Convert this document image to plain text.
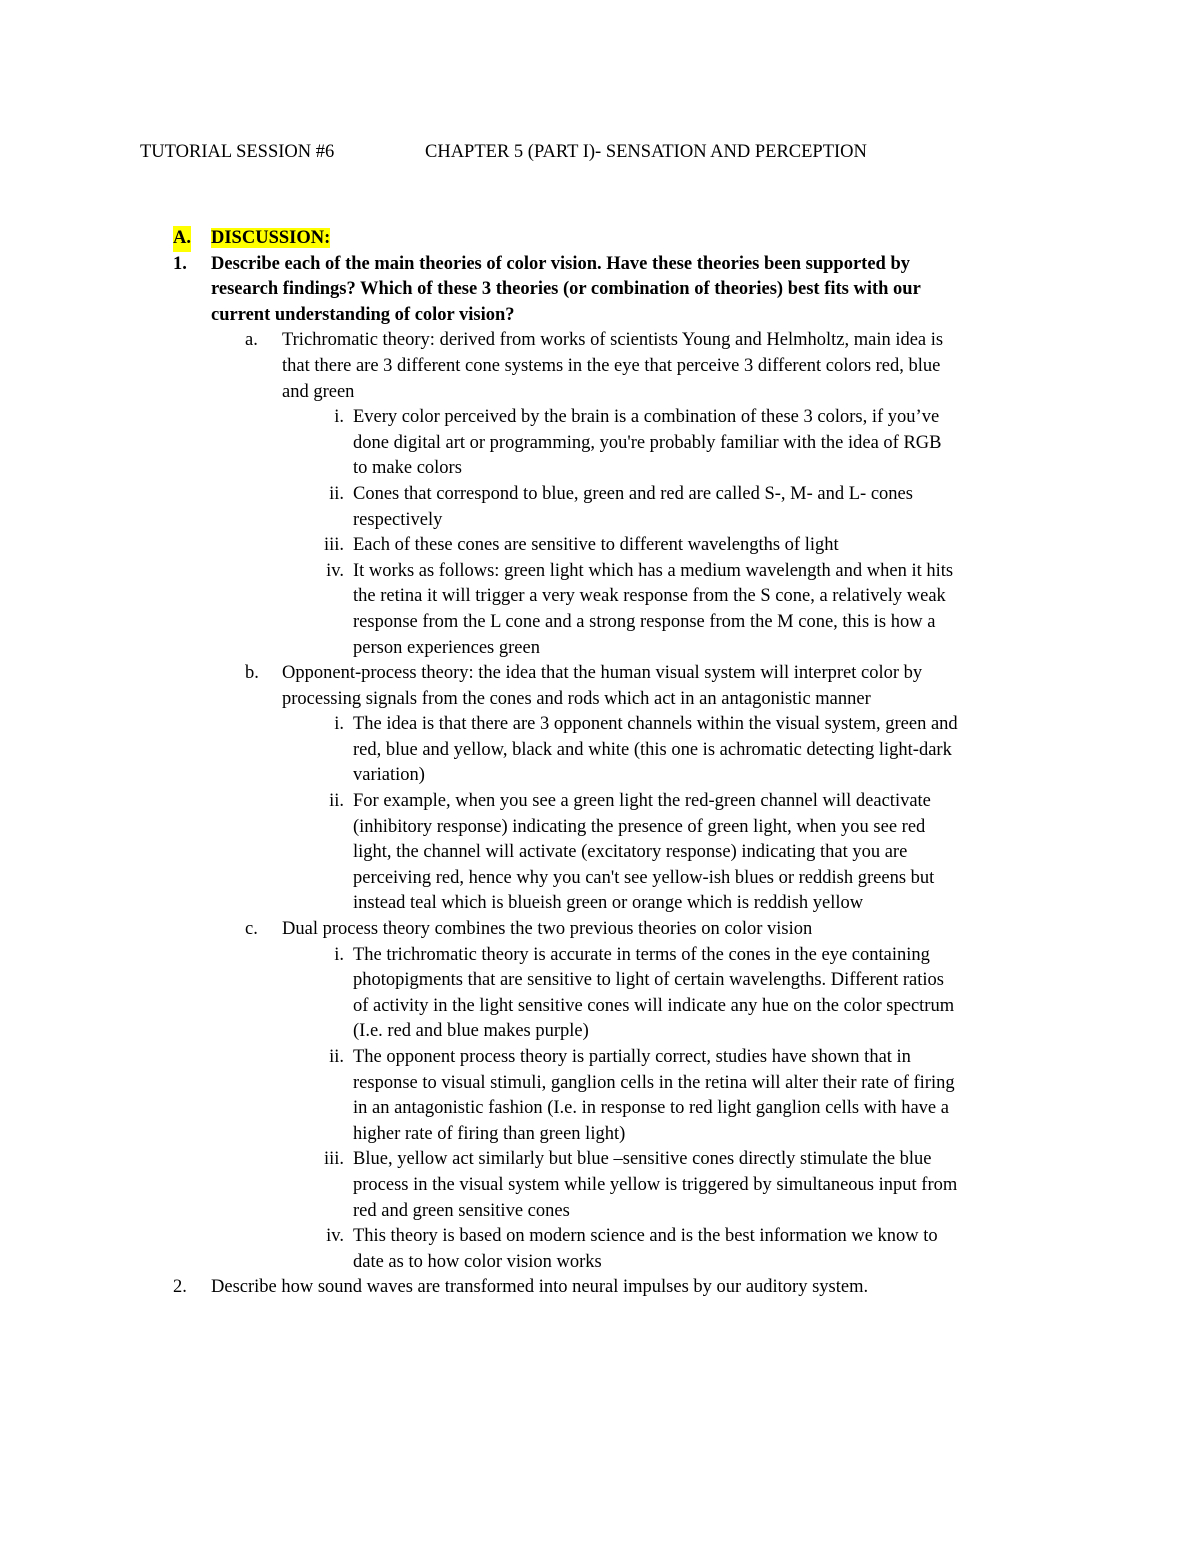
TUTORIAL SESSION #6	CHAPTER 5 (PART I)- SENSATION AND PERCEPTION
A. DISCUSSION:
1. Describe each of the main theories of color vision. Have these theories been supported by
research findings? Which of these 3 theories (or combination of theories) best fits with our
current understanding of color vision?
a. Trichromatic theory: derived from works of scientists Young and Helmholtz, main idea is
that there are 3 different cone systems in the eye that perceive 3 different colors red, blue
and green
i. Every color perceived by the brain is a combination of these 3 colors, if you’ve
done digital art or programming, you're probably familiar with the idea of RGB
to make colors
ii. Cones that correspond to blue, green and red are called S-, M- and L- cones
respectively
iii. Each of these cones are sensitive to different wavelengths of light
iv. It works as follows: green light which has a medium wavelength and when it hits
the retina it will trigger a very weak response from the S cone, a relatively weak
response from the L cone and a strong response from the M cone, this is how a
person experiences green
b. Opponent-process theory: the idea that the human visual system will interpret color by
processing signals from the cones and rods which act in an antagonistic manner
i. The idea is that there are 3 opponent channels within the visual system, green and
red, blue and yellow, black and white (this one is achromatic detecting light-dark
variation)
ii. For example, when you see a green light the red-green channel will deactivate
(inhibitory response) indicating the presence of green light, when you see red
light, the channel will activate (excitatory response) indicating that you are
perceiving red, hence why you can't see yellow-ish blues or reddish greens but
instead teal which is blueish green or orange which is reddish yellow
c. Dual process theory combines the two previous theories on color vision
i. The trichromatic theory is accurate in terms of the cones in the eye containing
photopigments that are sensitive to light of certain wavelengths. Different ratios
of activity in the light sensitive cones will indicate any hue on the color spectrum
(I.e. red and blue makes purple)
ii. The opponent process theory is partially correct, studies have shown that in
response to visual stimuli, ganglion cells in the retina will alter their rate of firing
in an antagonistic fashion (I.e. in response to red light ganglion cells with have a
higher rate of firing than green light)
iii. Blue, yellow act similarly but blue –sensitive cones directly stimulate the blue
process in the visual system while yellow is triggered by simultaneous input from
red and green sensitive cones
iv. This theory is based on modern science and is the best information we know to
date as to how color vision works
2. Describe how sound waves are transformed into neural impulses by our auditory system.
